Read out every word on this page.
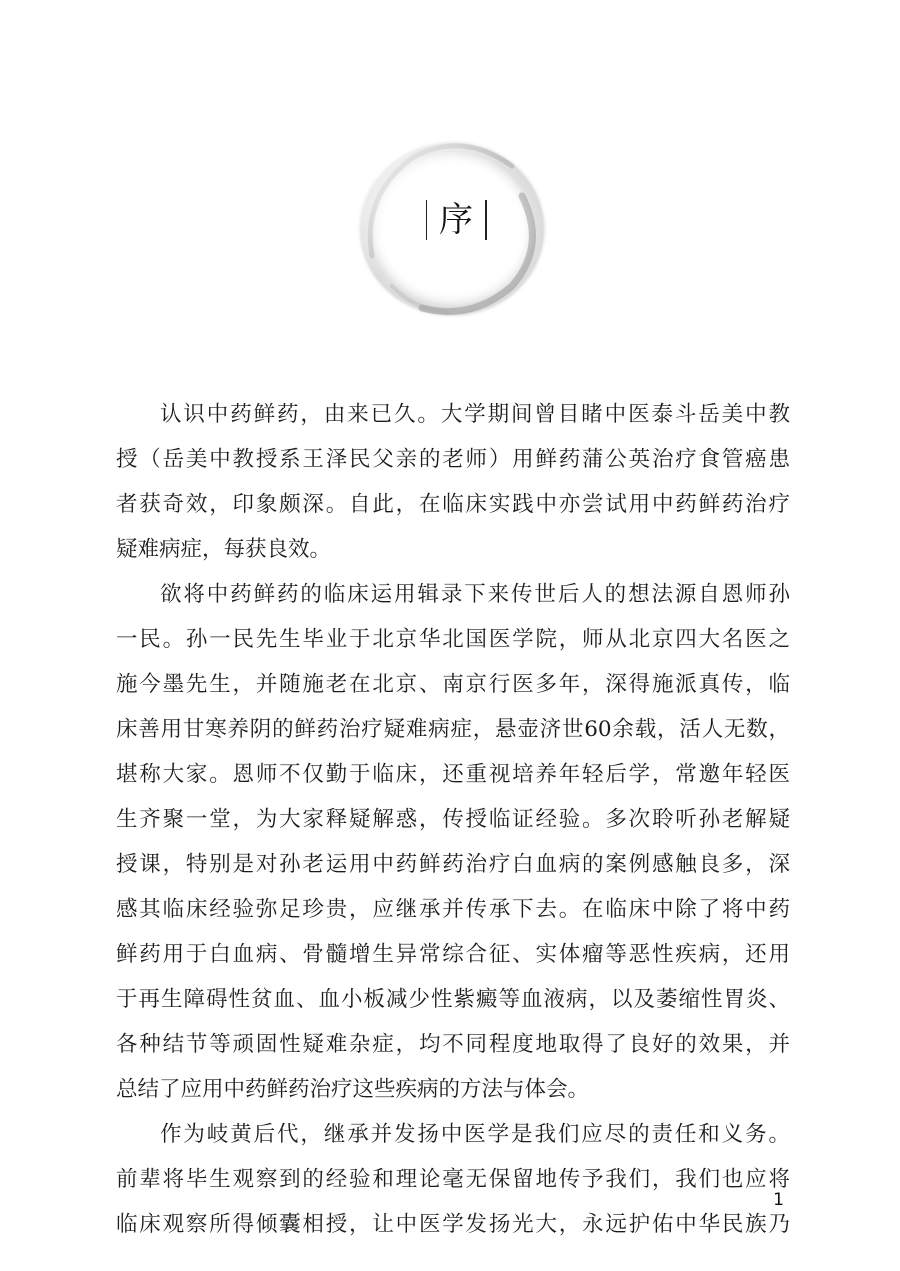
序
认识中药鲜药，由来已久。大学期间曾目睹中医泰斗岳美中教
授（岳美中教授系王泽民父亲的老师）用鲜药蒲公英治疗食管癌患
者获奇效，印象颇深。自此，在临床实践中亦尝试用中药鲜药治疗
疑难病症，每获良效。
欲将中药鲜药的临床运用辑录下来传世后人的想法源自恩师孙
一民。孙一民先生毕业于北京华北国医学院，师从北京四大名医之
施今墨先生，并随施老在北京、南京行医多年，深得施派真传，临
床善用甘寒养阴的鲜药治疗疑难病症，悬壶济世60余载，活人无数，
堪称大家。恩师不仅勤于临床，还重视培养年轻后学，常邀年轻医
生齐聚一堂，为大家释疑解惑，传授临证经验。多次聆听孙老解疑
授课，特别是对孙老运用中药鲜药治疗白血病的案例感触良多，深
感其临床经验弥足珍贵，应继承并传承下去。在临床中除了将中药
鲜药用于白血病、骨髓增生异常综合征、实体瘤等恶性疾病，还用
于再生障碍性贫血、血小板减少性紫癜等血液病，以及萎缩性胃炎、
各种结节等顽固性疑难杂症，均不同程度地取得了良好的效果，并
总结了应用中药鲜药治疗这些疾病的方法与体会。
作为岐黄后代，继承并发扬中医学是我们应尽的责任和义务。
前辈将毕生观察到的经验和理论毫无保留地传予我们，我们也应将
临床观察所得倾囊相授，让中医学发扬光大，永远护佑中华民族乃
1
